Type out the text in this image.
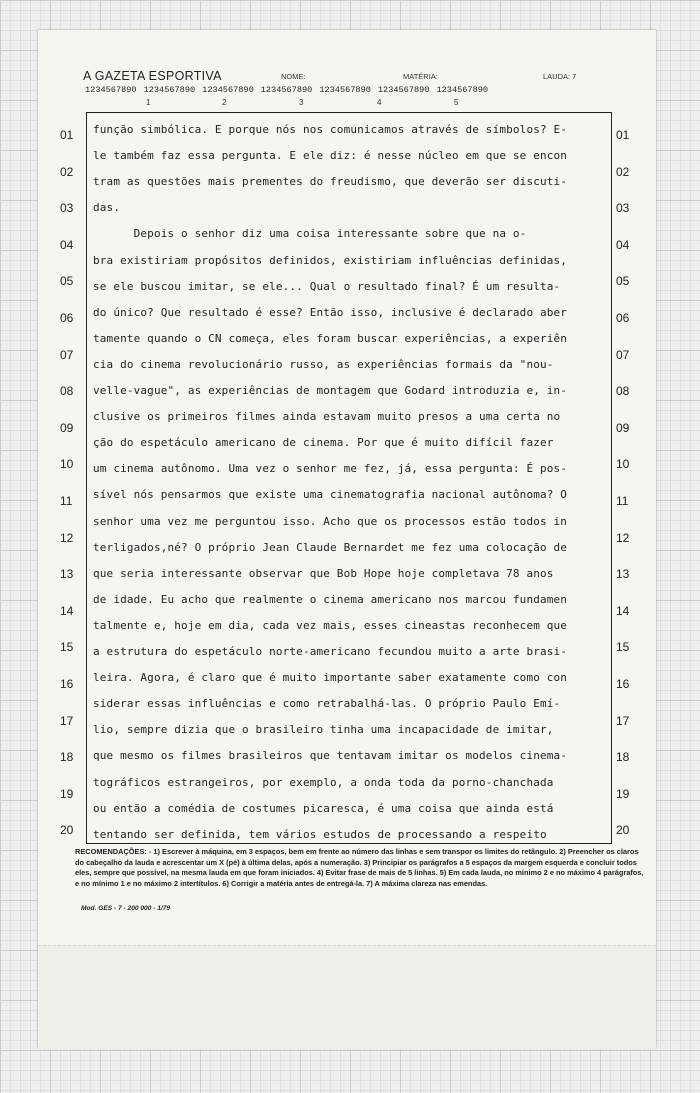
A GAZETA ESPORTIVA	NOME:	MATÉRIA:	LAUDA: 7
1234567890 1234567890 1234567890 1234567890 1234567890 1234567890 1234567890
1	2	3	4	5
01	01
02	02
03	03
04	04
05	05
06	06
07	07
08	08
09	09
10	10
11	11
12	12
13	13
14	14
15	15
16	16
17	17
18	18
19	19
20	20
função simbólica. E porque nós nos comunicamos através de símbolos? E-
le também faz essa pergunta. E ele diz: é nesse núcleo em que se encon
tram as questões mais prementes do freudismo, que deverão ser discuti-
das.
Depois o senhor diz uma coisa interessante sobre que na o-
bra existiriam propósitos definidos, existiriam influências definidas,
se ele buscou imitar, se ele... Qual o resultado final? É um resulta-
do único? Que resultado é esse? Então isso, inclusive é declarado aber
tamente quando o CN começa, eles foram buscar experiências, a experiên
cia do cinema revolucionário russo, as experiências formais da "nou-
velle-vague", as experiências de montagem que Godard introduzia e, in-
clusive os primeiros filmes ainda estavam muito presos a uma certa no
ção do espetáculo americano de cinema. Por que é muito difícil fazer
um cinema autônomo. Uma vez o senhor me fez, já, essa pergunta: É pos-
sível nós pensarmos que existe uma cinematografia nacional autônoma? O
senhor uma vez me perguntou isso. Acho que os processos estão todos in
terligados,né? O próprio Jean Claude Bernardet me fez uma colocação de
que seria interessante observar que Bob Hope hoje completava 78 anos
de idade. Eu acho que realmente o cinema americano nos marcou fundamen
talmente e, hoje em dia, cada vez mais, esses cineastas reconhecem que
a estrutura do espetáculo norte-americano fecundou muito a arte brasi-
leira. Agora, é claro que é muito importante saber exatamente como con
siderar essas influências e como retrabalhá-las. O próprio Paulo Emí-
lio, sempre dizia que o brasileiro tinha uma incapacidade de imitar,
que mesmo os filmes brasileiros que tentavam imitar os modelos cinema-
tográficos estrangeiros, por exemplo, a onda toda da porno-chanchada
ou então a comédia de costumes picaresca, é uma coisa que ainda está
tentando ser definida, tem vários estudos de processando a respeito
RECOMENDAÇÕES: - 1) Escrever à máquina, em 3 espaços, bem em frente ao número das linhas e sem transpor os limites do retângulo. 2) Preencher os claros do cabeçalho da lauda e acrescentar um X (pé) à última delas, após a numeração. 3) Principiar os parágrafos a 5 espaços da margem esquerda e concluir todos eles, sempre que possível, na mesma lauda em que foram iniciados. 4) Evitar frase de mais de 5 linhas. 5) Em cada lauda, no mínimo 2 e no máximo 4 parágrafos, e no mínimo 1 e no máximo 2 intertítulos. 6) Corrigir a matéria antes de entregá-la. 7) A máxima clareza nas emendas.
Mod. GES - 7 - 200 000 - 1/79
